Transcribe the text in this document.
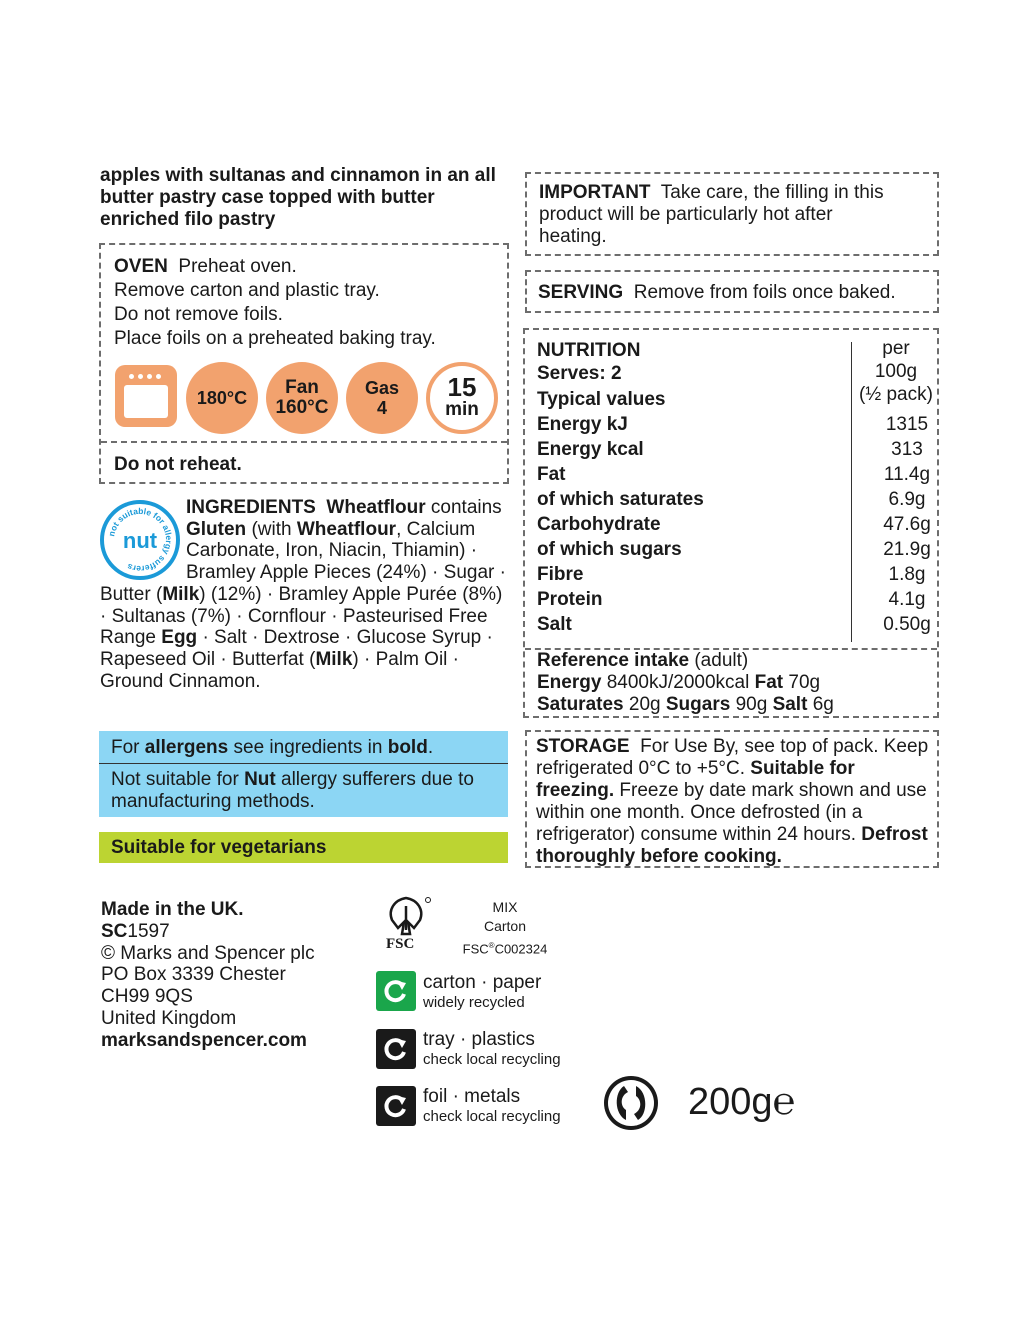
apples with sultanas and cinnamon in an all butter pastry case topped with butter enriched filo pastry
OVEN Preheat oven.
Remove carton and plastic tray.
Do not remove foils.
Place foils on a preheated baking tray.
180°C Fan
160°C
Gas
4
15
min
Do not reheat.
INGREDIENTS Wheatflour contains Gluten (with Wheatflour, Calcium Carbonate, Iron, Niacin, Thiamin) · Bramley Apple Pieces (24%) · Sugar · Butter (Milk) (12%) · Bramley Apple Purée (8%) · Sultanas (7%) · Cornflour · Pasteurised Free Range Egg · Salt · Dextrose · Glucose Syrup · Rapeseed Oil · Butterfat (Milk) · Palm Oil · Ground Cinnamon.
not suitable for allergy sufferers
nut
For allergens see ingredients in bold.
Not suitable for Nut allergy sufferers due to manufacturing methods.
Suitable for vegetarians
IMPORTANT Take care, the filling in this product will be particularly hot after heating.
SERVING Remove from foils once baked.
NUTRITION
Serves: 2
Typical values
per
100g
(½ pack)
Energy kJ	1315
Energy kcal	313
Fat	11.4g
of which saturates	6.9g
Carbohydrate	47.6g
of which sugars	21.9g
Fibre	1.8g
Protein	4.1g
Salt	0.50g
Reference intake (adult)
Energy 8400kJ/2000kcal Fat 70g
Saturates 20g Sugars 90g Salt 6g
STORAGE For Use By, see top of pack. Keep refrigerated 0°C to +5°C. Suitable for freezing. Freeze by date mark shown and use within one month. Once defrosted (in a refrigerator) consume within 24 hours. Defrost thoroughly before cooking.
Made in the UK.
SC1597
© Marks and Spencer plc
PO Box 3339 Chester
CH99 9QS
United Kingdom
marksandspencer.com
FSC
MIX
Carton
FSC®C002324
carton · paper
widely recycled
tray · plastics
check local recycling
foil · metals
check local recycling	200g℮
